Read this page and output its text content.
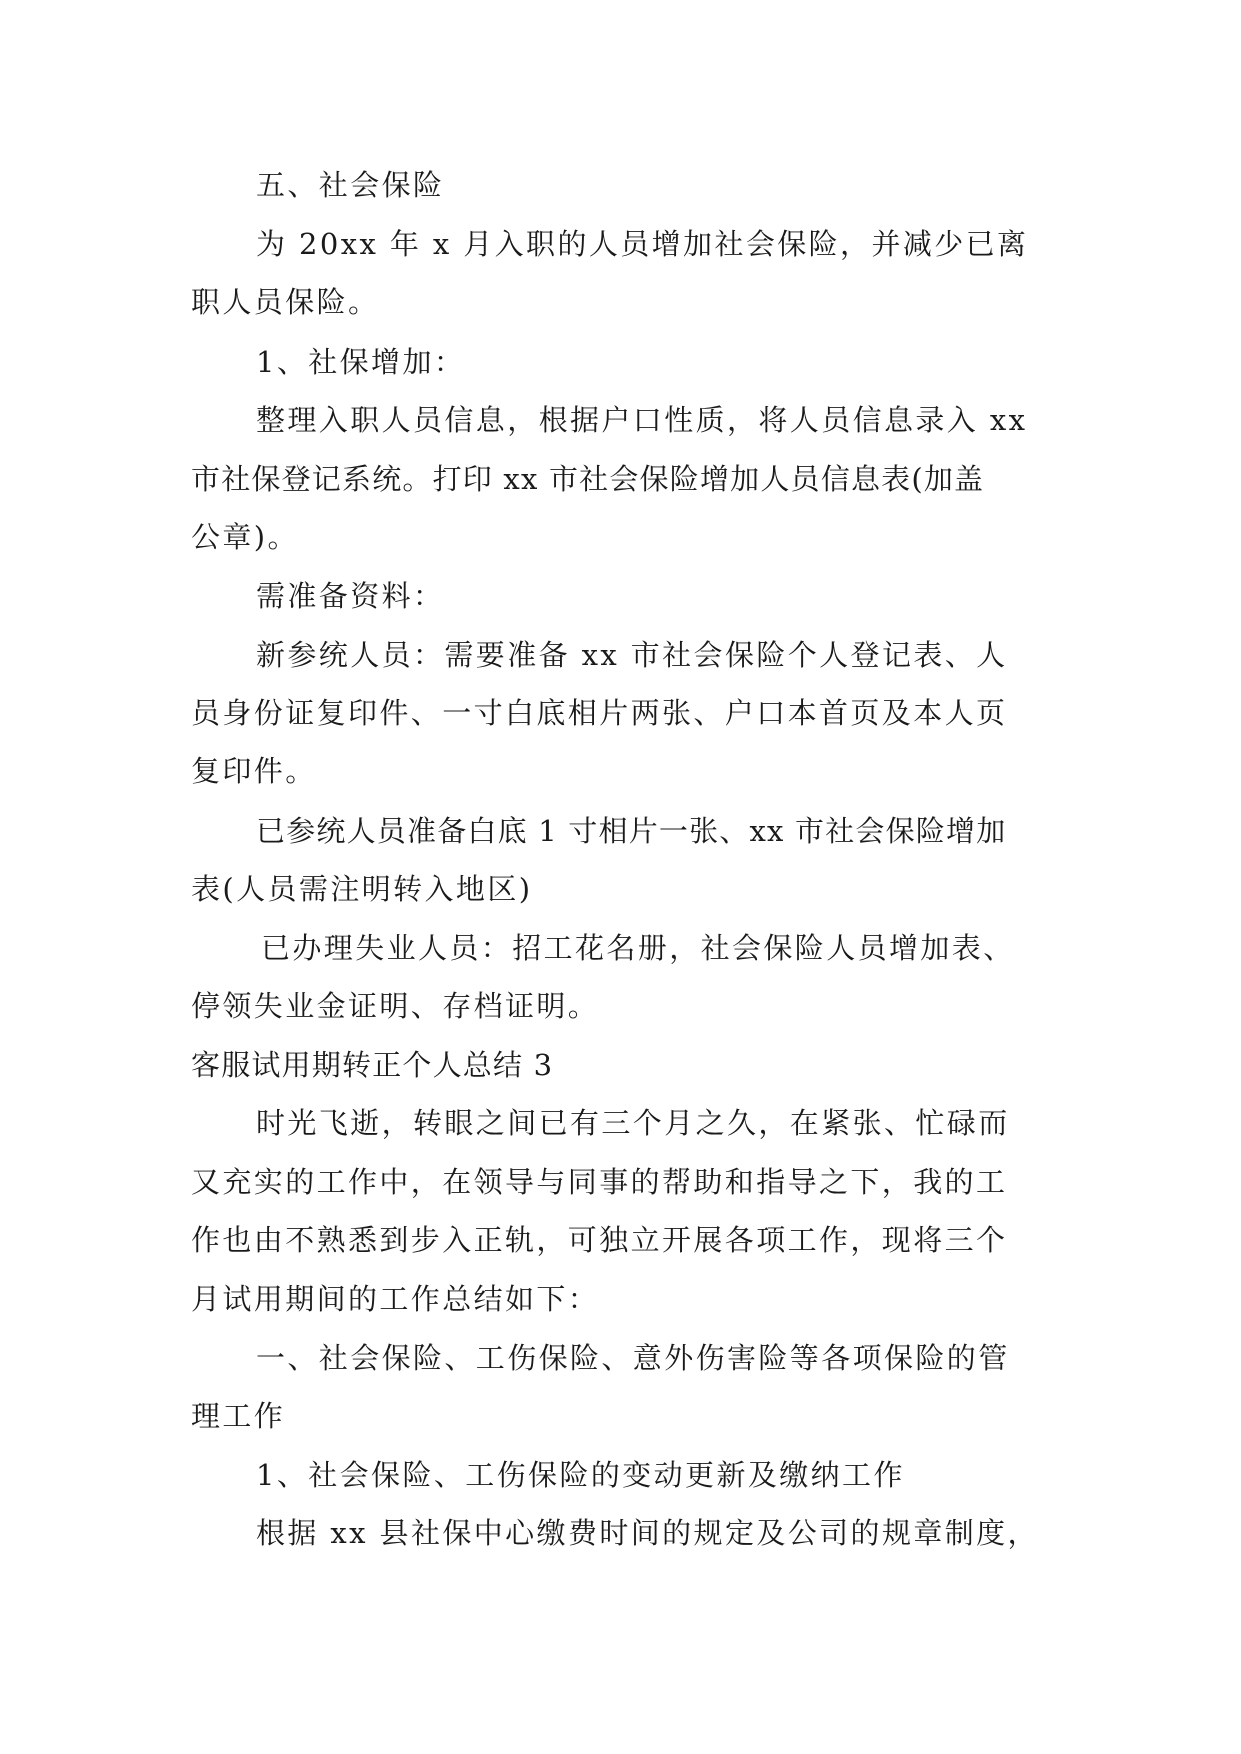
五、社会保险
为 20xx 年 x 月入职的人员增加社会保险，并减少已离
职人员保险。
1、社保增加：
整理入职人员信息，根据户口性质，将人员信息录入 xx
市社保登记系统。打印 xx 市社会保险增加人员信息表(加盖
公章)。
需准备资料：
新参统人员：需要准备 xx 市社会保险个人登记表、人
员身份证复印件、一寸白底相片两张、户口本首页及本人页
复印件。
已参统人员准备白底 1 寸相片一张、xx 市社会保险增加
表(人员需注明转入地区)
已办理失业人员：招工花名册，社会保险人员增加表、
停领失业金证明、存档证明。
客服试用期转正个人总结 3
时光飞逝，转眼之间已有三个月之久，在紧张、忙碌而
又充实的工作中，在领导与同事的帮助和指导之下，我的工
作也由不熟悉到步入正轨，可独立开展各项工作，现将三个
月试用期间的工作总结如下：
一、社会保险、工伤保险、意外伤害险等各项保险的管
理工作
1、社会保险、工伤保险的变动更新及缴纳工作
根据 xx 县社保中心缴费时间的规定及公司的规章制度，
